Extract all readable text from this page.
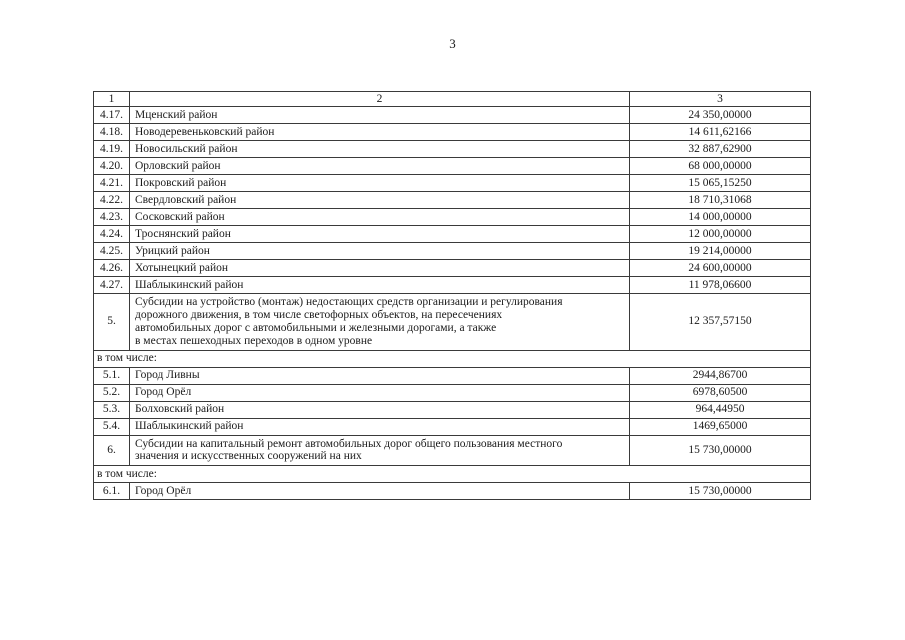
3
1	2	3
4.17.	Мценский район	24 350,00000
4.18.	Новодеревеньковский район	14 611,62166
4.19.	Новосильский район	32 887,62900
4.20.	Орловский район	68 000,00000
4.21.	Покровский район	15 065,15250
4.22.	Свердловский район	18 710,31068
4.23.	Сосковский район	14 000,00000
4.24.	Троснянский район	12 000,00000
4.25.	Урицкий район	19 214,00000
4.26.	Хотынецкий район	24 600,00000
4.27.	Шаблыкинский район	11 978,06600
5.	Субсидии на устройство (монтаж) недостающих средств организации и регулирования
дорожного движения, в том числе светофорных объектов, на пересечениях
автомобильных дорог с автомобильными и железными дорогами, а также
в местах пешеходных переходов в одном уровне	12 357,57150
в том числе:		
5.1.	Город Ливны	2944,86700
5.2.	Город Орёл	6978,60500
5.3.	Болховский район	964,44950
5.4.	Шаблыкинский район	1469,65000
6.	Субсидии на капитальный ремонт автомобильных дорог общего пользования местного
значения и искусственных сооружений на них	15 730,00000
в том числе:		
6.1.	Город Орёл	15 730,00000
